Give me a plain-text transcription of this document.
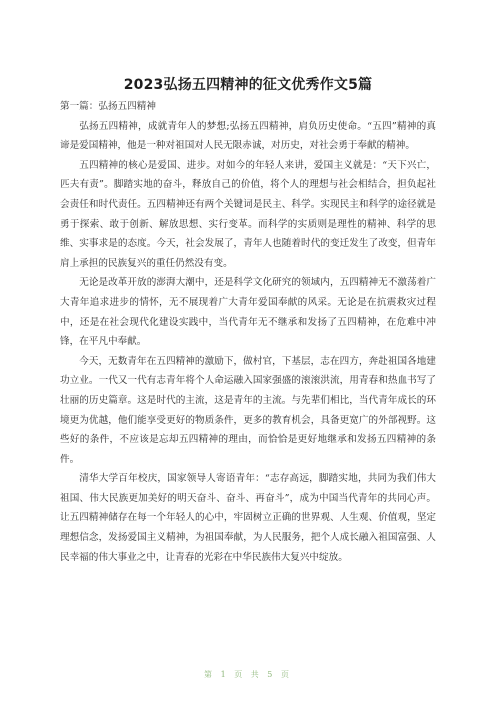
2023弘扬五四精神的征文优秀作文5篇

第一篇：弘扬五四精神

弘扬五四精神，成就青年人的梦想;弘扬五四精神，肩负历史使命。“五四”精神的真谛是爱国精神，他是一种对祖国对人民无限赤诚，对历史，对社会勇于奉献的精神。

五四精神的核心是爱国、进步。对如今的年轻人来讲，爱国主义就是：“天下兴亡，匹夫有责”。脚踏实地的奋斗，释放自己的价值，将个人的理想与社会相结合，担负起社会责任和时代责任。五四精神还有两个关键词是民主、科学。实现民主和科学的途径就是勇于探索、敢于创新、解放思想、实行变革。而科学的实质则是理性的精神、科学的思维、实事求是的态度。今天，社会发展了，青年人也随着时代的变迁发生了改变，但青年肩上承担的民族复兴的重任仍然没有变。

无论是改革开放的澎湃大潮中，还是科学文化研究的领域内，五四精神无不激荡着广大青年追求进步的情怀，无不展现着广大青年爱国奉献的风采。无论是在抗震救灾过程中，还是在社会现代化建设实践中，当代青年无不继承和发扬了五四精神，在危难中冲锋，在平凡中奉献。

今天，无数青年在五四精神的激励下，做村官，下基层，志在四方，奔赴祖国各地建功立业。一代又一代有志青年将个人命运融入国家强盛的滚滚洪流，用青春和热血书写了壮丽的历史篇章。这是时代的主流，这是青年的主流。与先辈们相比，当代青年成长的环境更为优越，他们能享受更好的物质条件，更多的教育机会，具备更宽广的外部视野。这些好的条件，不应该是忘却五四精神的理由，而恰恰是更好地继承和发扬五四精神的条件。

清华大学百年校庆，国家领导人寄语青年：“志存高远，脚踏实地，共同为我们伟大祖国、伟大民族更加美好的明天奋斗、奋斗、再奋斗”，成为中国当代青年的共同心声。让五四精神储存在每一个年轻人的心中，牢固树立正确的世界观、人生观、价值观，坚定理想信念，发扬爱国主义精神，为祖国奉献，为人民服务，把个人成长融入祖国富强、人民幸福的伟大事业之中，让青春的光彩在中华民族伟大复兴中绽放。

第 1 页 共 5 页
